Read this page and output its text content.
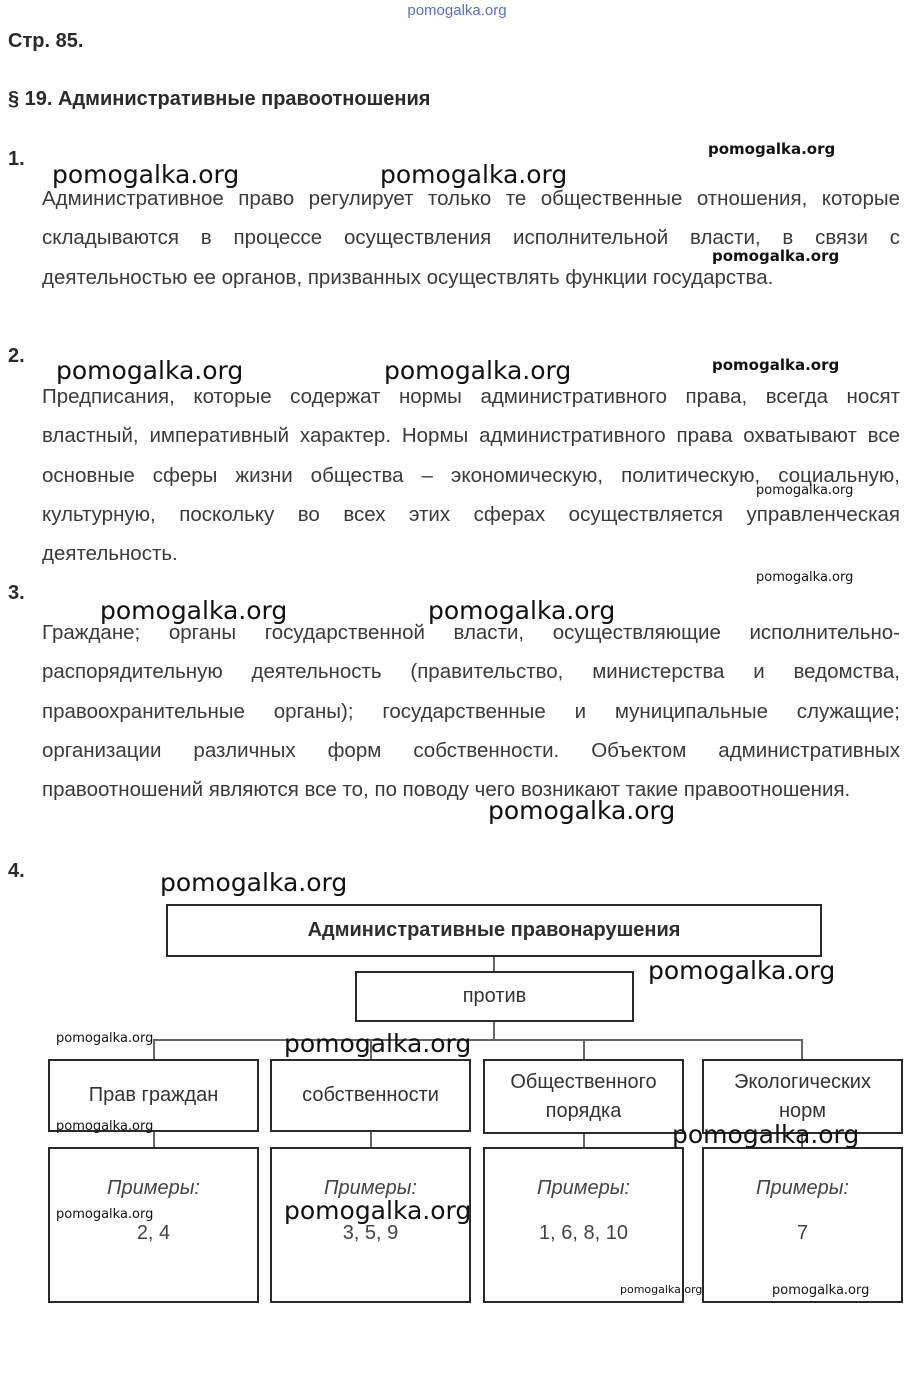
pomogalka.org
Стр. 85.
§ 19. Административные правоотношения
1.
Административное право регулирует только те общественные отношения, которые складываются в процессе осуществления исполнительной власти, в связи с деятельностью ее органов, призванных осуществлять функции государства.
2.
Предписания, которые содержат нормы административного права, всегда носят властный, императивный характер. Нормы административного права охватывают все основные сферы жизни общества – экономическую, политическую, социальную, культурную, поскольку во всех этих сферах осуществляется управленческая деятельность.
3.
Граждане; органы государственной власти, осуществляющие исполнительно-распорядительную деятельность (правительство, министерства и ведомства, правоохранительные органы); государственные и муниципальные служащие; организации различных форм собственности. Объектом административных правоотношений являются все то, по поводу чего возникают такие правоотношения.
4.
Административные правонарушения
против
Прав граждан	собственности
Общественного порядка
Экологических норм
Примеры:
2, 4
Примеры:
3, 5, 9
Примеры:
1, 6, 8, 10
Примеры:
7
pomogalka.org	pomogalka.org
pomogalka.org
pomogalka.org
pomogalka.org	pomogalka.org	pomogalka.org
pomogalka.org
pomogalka.org
pomogalka.org	pomogalka.org
pomogalka.org
pomogalka.org
pomogalka.org
pomogalka.org	pomogalka.org
pomogalka.org	pomogalka.org
pomogalka.org	pomogalka.org
pomogalka.org	pomogalka.org
